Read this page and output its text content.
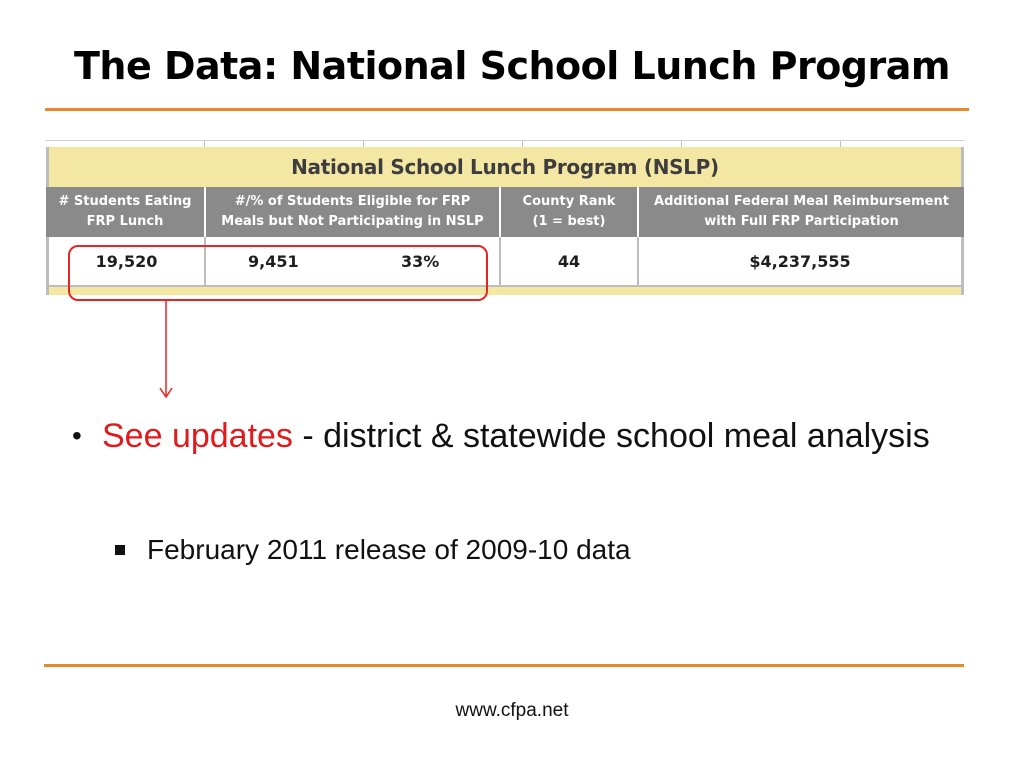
The Data: National School Lunch Program
National School Lunch Program (NSLP)
# Students Eating
FRP Lunch
#/% of Students Eligible for FRP
Meals but Not Participating in NSLP
County Rank
(1 = best)
Additional Federal Meal Reimbursement
with Full FRP Participation
19,520	9,451	33%	44	$4,237,555
• See updates - district & statewide school meal analysis
February 2011 release of 2009-10 data
www.cfpa.net
